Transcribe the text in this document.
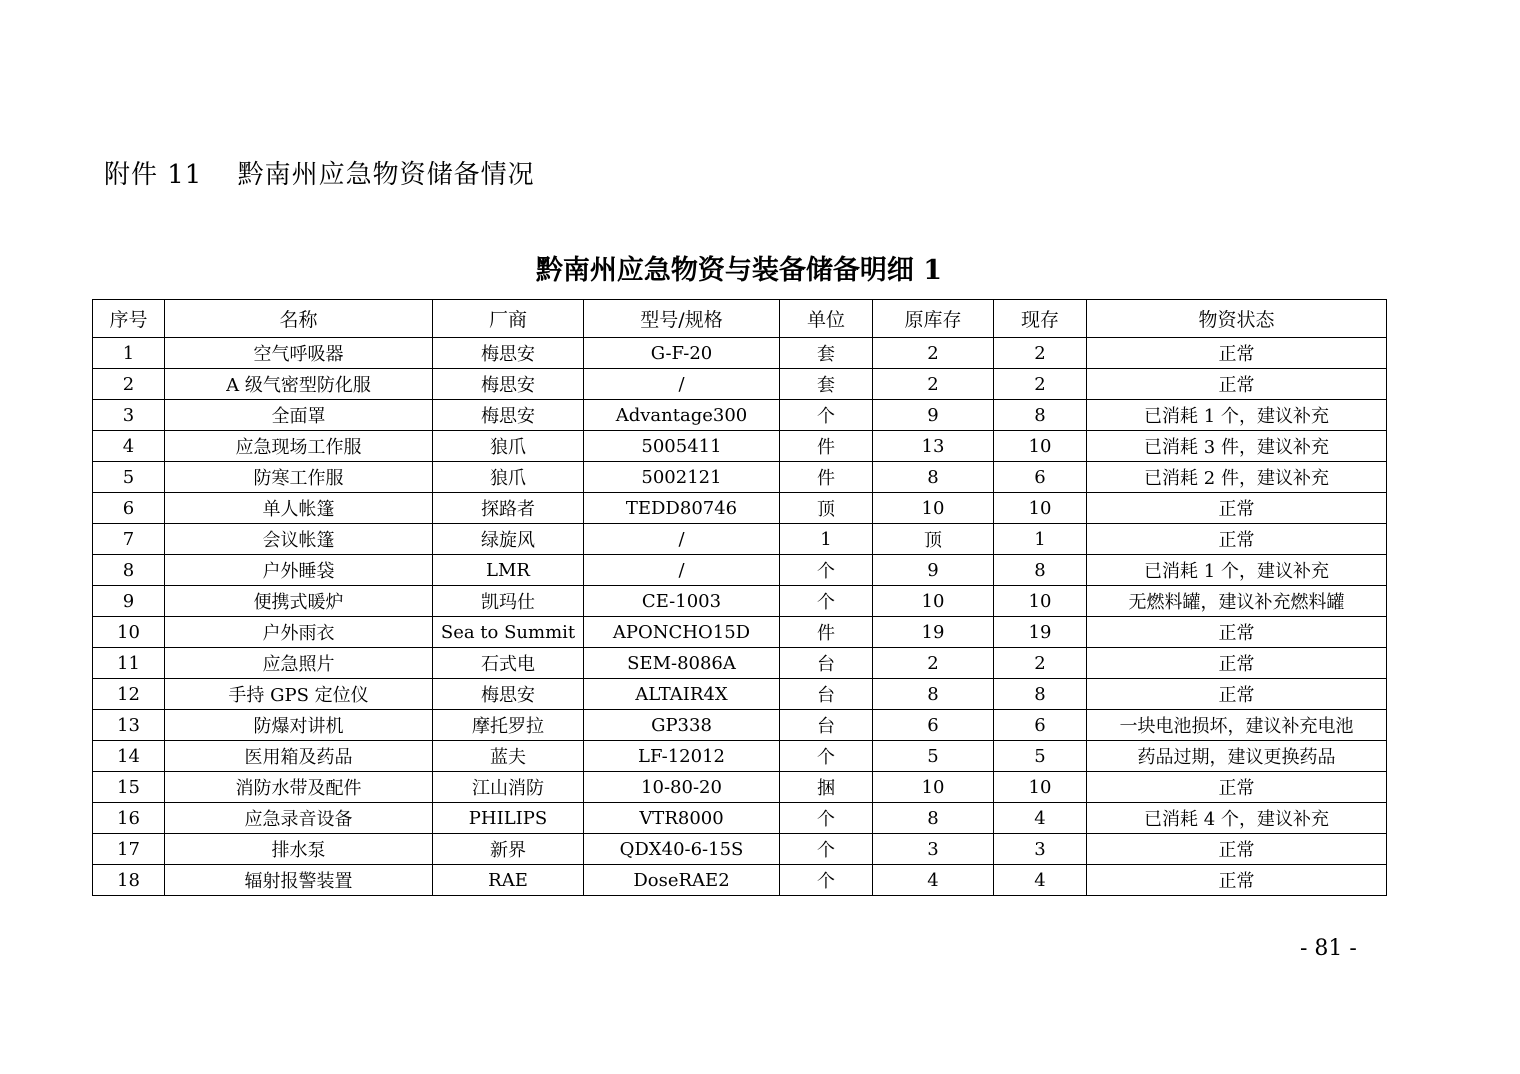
附件 11 黔南州应急物资储备情况
黔南州应急物资与装备储备明细 1
序号	名称	厂商	型号/规格	单位	原库存	现存	物资状态
1	空气呼吸器	梅思安	G-F-20	套	2	2	正常
2	A 级气密型防化服	梅思安	/	套	2	2	正常
3	全面罩	梅思安	Advantage300	个	9	8	已消耗 1 个，建议补充
4	应急现场工作服	狼爪	5005411	件	13	10	已消耗 3 件，建议补充
5	防寒工作服	狼爪	5002121	件	8	6	已消耗 2 件，建议补充
6	单人帐篷	探路者	TEDD80746	顶	10	10	正常
7	会议帐篷	绿旋风	/	1	顶	1	正常
8	户外睡袋	LMR	/	个	9	8	已消耗 1 个，建议补充
9	便携式暖炉	凯玛仕	CE-1003	个	10	10	无燃料罐，建议补充燃料罐
10	户外雨衣	Sea to Summit	APONCHO15D	件	19	19	正常
11	应急照片	石式电	SEM-8086A	台	2	2	正常
12	手持 GPS 定位仪	梅思安	ALTAIR4X	台	8	8	正常
13	防爆对讲机	摩托罗拉	GP338	台	6	6	一块电池损坏，建议补充电池
14	医用箱及药品	蓝夫	LF-12012	个	5	5	药品过期，建议更换药品
15	消防水带及配件	江山消防	10-80-20	捆	10	10	正常
16	应急录音设备	PHILIPS	VTR8000	个	8	4	已消耗 4 个，建议补充
17	排水泵	新界	QDX40-6-15S	个	3	3	正常
18	辐射报警装置	RAE	DoseRAE2	个	4	4	正常
- 81 -
